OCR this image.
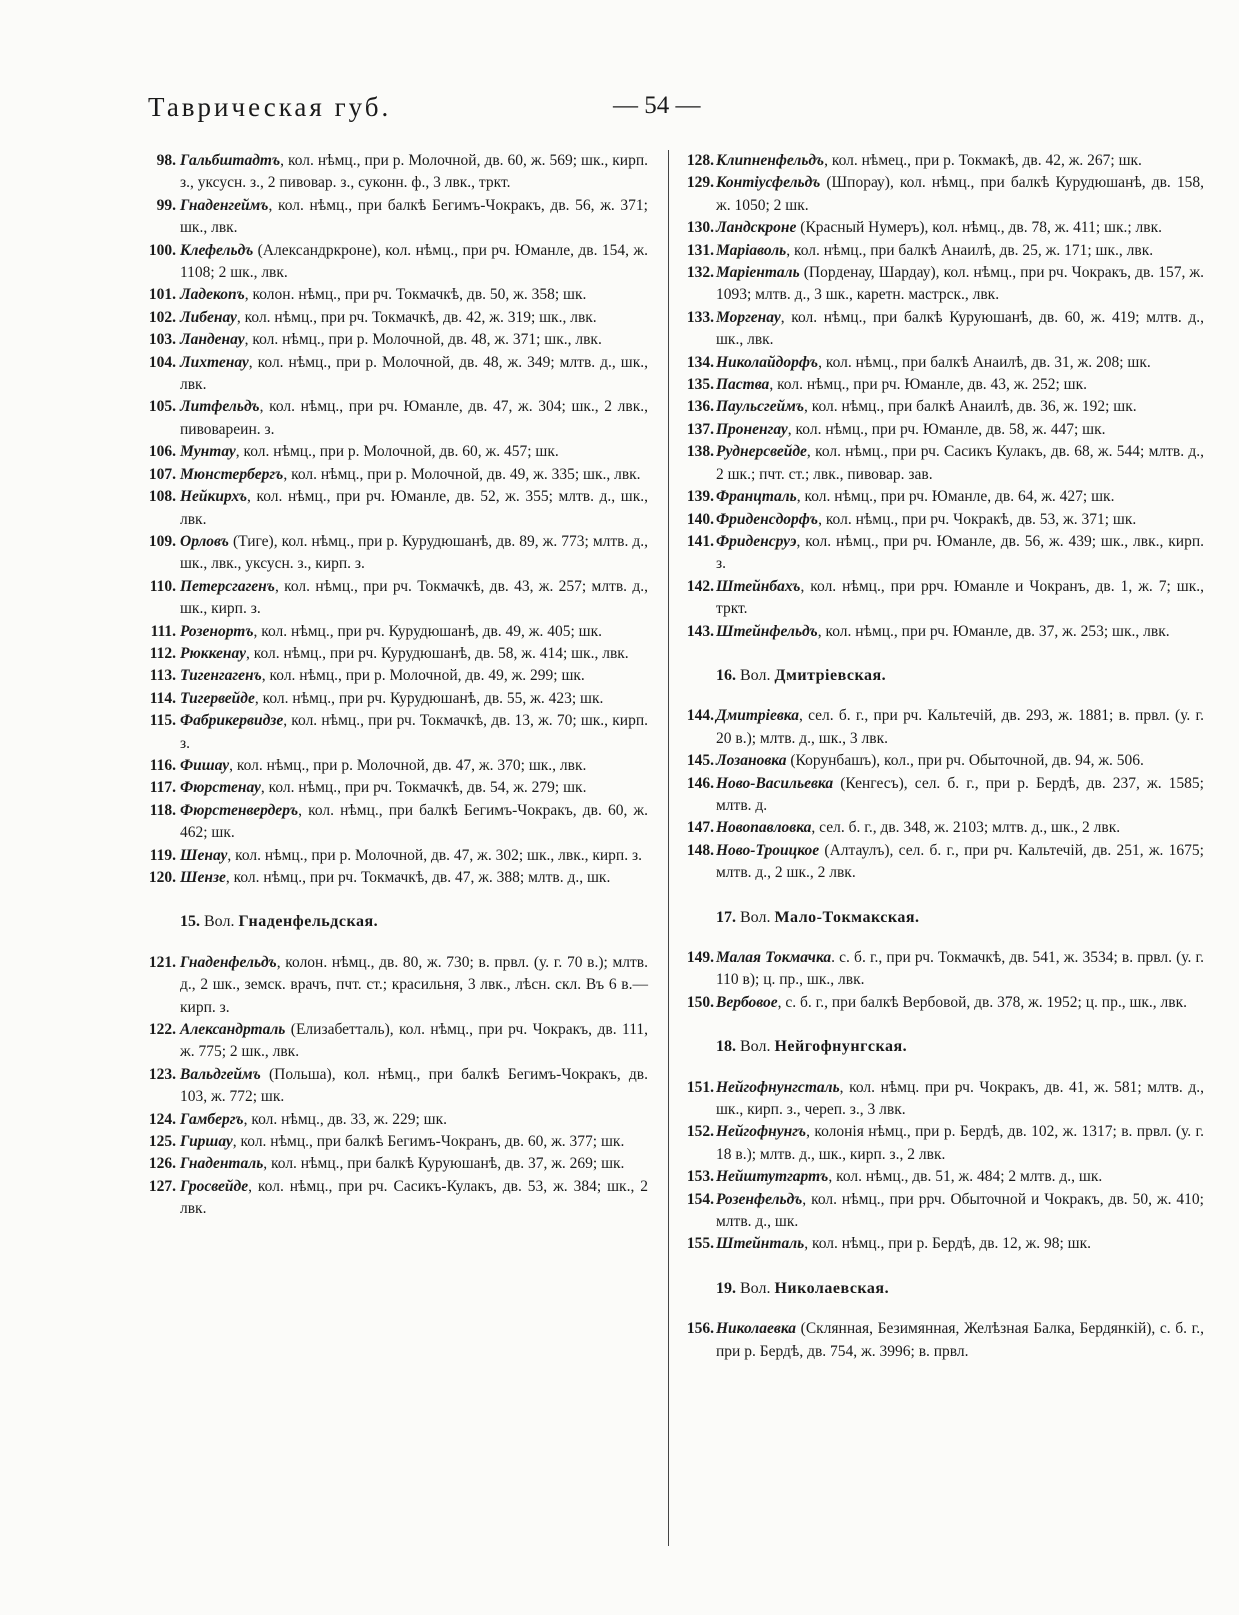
Таврическая губ.	— 54 —
98. Гальбштадтъ, кол. нѣмц., при р. Молочной, дв. 60, ж. 569; шк., кирп. з., уксусн. з., 2 пивовар. з., суконн. ф., 3 лвк., тркт.
99. Гнаденгеймъ, кол. нѣмц., при балкѣ Бегимъ-Чокракъ, дв. 56, ж. 371; шк., лвк.
100. Клефельдъ (Александркроне), кол. нѣмц., при рч. Юманле, дв. 154, ж. 1108; 2 шк., лвк.
101. Ладекопъ, колон. нѣмц., при рч. Токмачкѣ, дв. 50, ж. 358; шк.
102. Либенау, кол. нѣмц., при рч. Токмачкѣ, дв. 42, ж. 319; шк., лвк.
103. Ланденау, кол. нѣмц., при р. Молочной, дв. 48, ж. 371; шк., лвк.
104. Лихтенау, кол. нѣмц., при р. Молочной, дв. 48, ж. 349; млтв. д., шк., лвк.
105. Литфельдъ, кол. нѣмц., при рч. Юманле, дв. 47, ж. 304; шк., 2 лвк., пивовареин. з.
106. Мунтау, кол. нѣмц., при р. Молочной, дв. 60, ж. 457; шк.
107. Мюнстербергъ, кол. нѣмц., при р. Молочной, дв. 49, ж. 335; шк., лвк.
108. Нейкирхъ, кол. нѣмц., при рч. Юманле, дв. 52, ж. 355; млтв. д., шк., лвк.
109. Орловъ (Тиге), кол. нѣмц., при р. Курудюшанѣ, дв. 89, ж. 773; млтв. д., шк., лвк., уксусн. з., кирп. з.
110. Петерсгагенъ, кол. нѣмц., при рч. Токмачкѣ, дв. 43, ж. 257; млтв. д., шк., кирп. з.
111. Розенортъ, кол. нѣмц., при рч. Курудюшанѣ, дв. 49, ж. 405; шк.
112. Рюккенау, кол. нѣмц., при рч. Курудюшанѣ, дв. 58, ж. 414; шк., лвк.
113. Тигенгагенъ, кол. нѣмц., при р. Молочной, дв. 49, ж. 299; шк.
114. Тигервейде, кол. нѣмц., при рч. Курудюшанѣ, дв. 55, ж. 423; шк.
115. Фабрикервидзе, кол. нѣмц., при рч. Токмачкѣ, дв. 13, ж. 70; шк., кирп. з.
116. Фишау, кол. нѣмц., при р. Молочной, дв. 47, ж. 370; шк., лвк.
117. Фюрстенау, кол. нѣмц., при рч. Токмачкѣ, дв. 54, ж. 279; шк.
118. Фюрстенвердеръ, кол. нѣмц., при балкѣ Бегимъ-Чокракъ, дв. 60, ж. 462; шк.
119. Шенау, кол. нѣмц., при р. Молочной, дв. 47, ж. 302; шк., лвк., кирп. з.
120. Шензе, кол. нѣмц., при рч. Токмачкѣ, дв. 47, ж. 388; млтв. д., шк.
15. Вол. Гнаденфельдская.
121. Гнаденфельдъ, колон. нѣмц., дв. 80, ж. 730; в. првл. (у. г. 70 в.); млтв. д., 2 шк., земск. врачъ, пчт. ст.; красильня, 3 лвк., лѣсн. скл. Въ 6 в.—кирп. з.
122. Александрталь (Елизабетталь), кол. нѣмц., при рч. Чокракъ, дв. 111, ж. 775; 2 шк., лвк.
123. Вальдгеймъ (Польша), кол. нѣмц., при балкѣ Бегимъ-Чокракъ, дв. 103, ж. 772; шк.
124. Гамбергъ, кол. нѣмц., дв. 33, ж. 229; шк.
125. Гиршау, кол. нѣмц., при балкѣ Бегимъ-Чокранъ, дв. 60, ж. 377; шк.
126. Гнаденталь, кол. нѣмц., при балкѣ Куруюшанѣ, дв. 37, ж. 269; шк.
127. Гросвейде, кол. нѣмц., при рч. Сасикъ-Кулакъ, дв. 53, ж. 384; шк., 2 лвк.
128. Клипненфельдъ, кол. нѣмец., при р. Токмакѣ, дв. 42, ж. 267; шк.
129. Контіусфельдъ (Шпорау), кол. нѣмц., при балкѣ Курудюшанѣ, дв. 158, ж. 1050; 2 шк.
130. Ландскроне (Красный Нумеръ), кол. нѣмц., дв. 78, ж. 411; шк.; лвк.
131. Маріаволь, кол. нѣмц., при балкѣ Анаилѣ, дв. 25, ж. 171; шк., лвк.
132. Маріенталь (Порденау, Шардау), кол. нѣмц., при рч. Чокракъ, дв. 157, ж. 1093; млтв. д., 3 шк., каретн. мастрск., лвк.
133. Моргенау, кол. нѣмц., при балкѣ Куруюшанѣ, дв. 60, ж. 419; млтв. д., шк., лвк.
134. Николайдорфъ, кол. нѣмц., при балкѣ Анаилѣ, дв. 31, ж. 208; шк.
135. Паства, кол. нѣмц., при рч. Юманле, дв. 43, ж. 252; шк.
136. Паульсгеймъ, кол. нѣмц., при балкѣ Анаилѣ, дв. 36, ж. 192; шк.
137. Проненгау, кол. нѣмц., при рч. Юманле, дв. 58, ж. 447; шк.
138. Руднерсвейде, кол. нѣмц., при рч. Сасикъ Кулакъ, дв. 68, ж. 544; млтв. д., 2 шк.; пчт. ст.; лвк., пивовар. зав.
139. Францталь, кол. нѣмц., при рч. Юманле, дв. 64, ж. 427; шк.
140. Фриденсдорфъ, кол. нѣмц., при рч. Чокракѣ, дв. 53, ж. 371; шк.
141. Фриденсруэ, кол. нѣмц., при рч. Юманле, дв. 56, ж. 439; шк., лвк., кирп. з.
142. Штейнбахъ, кол. нѣмц., при ррч. Юманле и Чокранъ, дв. 1, ж. 7; шк., тркт.
143. Штейнфельдъ, кол. нѣмц., при рч. Юманле, дв. 37, ж. 253; шк., лвк.
16. Вол. Дмитріевская.
144. Дмитріевка, сел. б. г., при рч. Кальтечій, дв. 293, ж. 1881; в. првл. (у. г. 20 в.); млтв. д., шк., 3 лвк.
145. Лозановка (Корунбашъ), кол., при рч. Обыточной, дв. 94, ж. 506.
146. Ново-Васильевка (Кенгесъ), сел. б. г., при р. Бердѣ, дв. 237, ж. 1585; млтв. д.
147. Новопавловка, сел. б. г., дв. 348, ж. 2103; млтв. д., шк., 2 лвк.
148. Ново-Троицкое (Алтаулъ), сел. б. г., при рч. Кальтечій, дв. 251, ж. 1675; млтв. д., 2 шк., 2 лвк.
17. Вол. Мало-Токмакская.
149. Малая Токмачка. с. б. г., при рч. Токмачкѣ, дв. 541, ж. 3534; в. првл. (у. г. 110 в); ц. пр., шк., лвк.
150. Вербовое, с. б. г., при балкѣ Вербовой, дв. 378, ж. 1952; ц. пр., шк., лвк.
18. Вол. Нейгофнунгская.
151. Нейгофнунгсталь, кол. нѣмц. при рч. Чокракъ, дв. 41, ж. 581; млтв. д., шк., кирп. з., череп. з., 3 лвк.
152. Нейгофнунгъ, колонія нѣмц., при р. Бердѣ, дв. 102, ж. 1317; в. првл. (у. г. 18 в.); млтв. д., шк., кирп. з., 2 лвк.
153. Нейштутгартъ, кол. нѣмц., дв. 51, ж. 484; 2 млтв. д., шк.
154. Розенфельдъ, кол. нѣмц., при ррч. Обыточной и Чокракъ, дв. 50, ж. 410; млтв. д., шк.
155. Штейнталь, кол. нѣмц., при р. Бердѣ, дв. 12, ж. 98; шк.
19. Вол. Николаевская.
156. Николаевка (Склянная, Безимянная, Желѣзная Балка, Бердянкій), с. б. г., при р. Бердѣ, дв. 754, ж. 3996; в. првл.
